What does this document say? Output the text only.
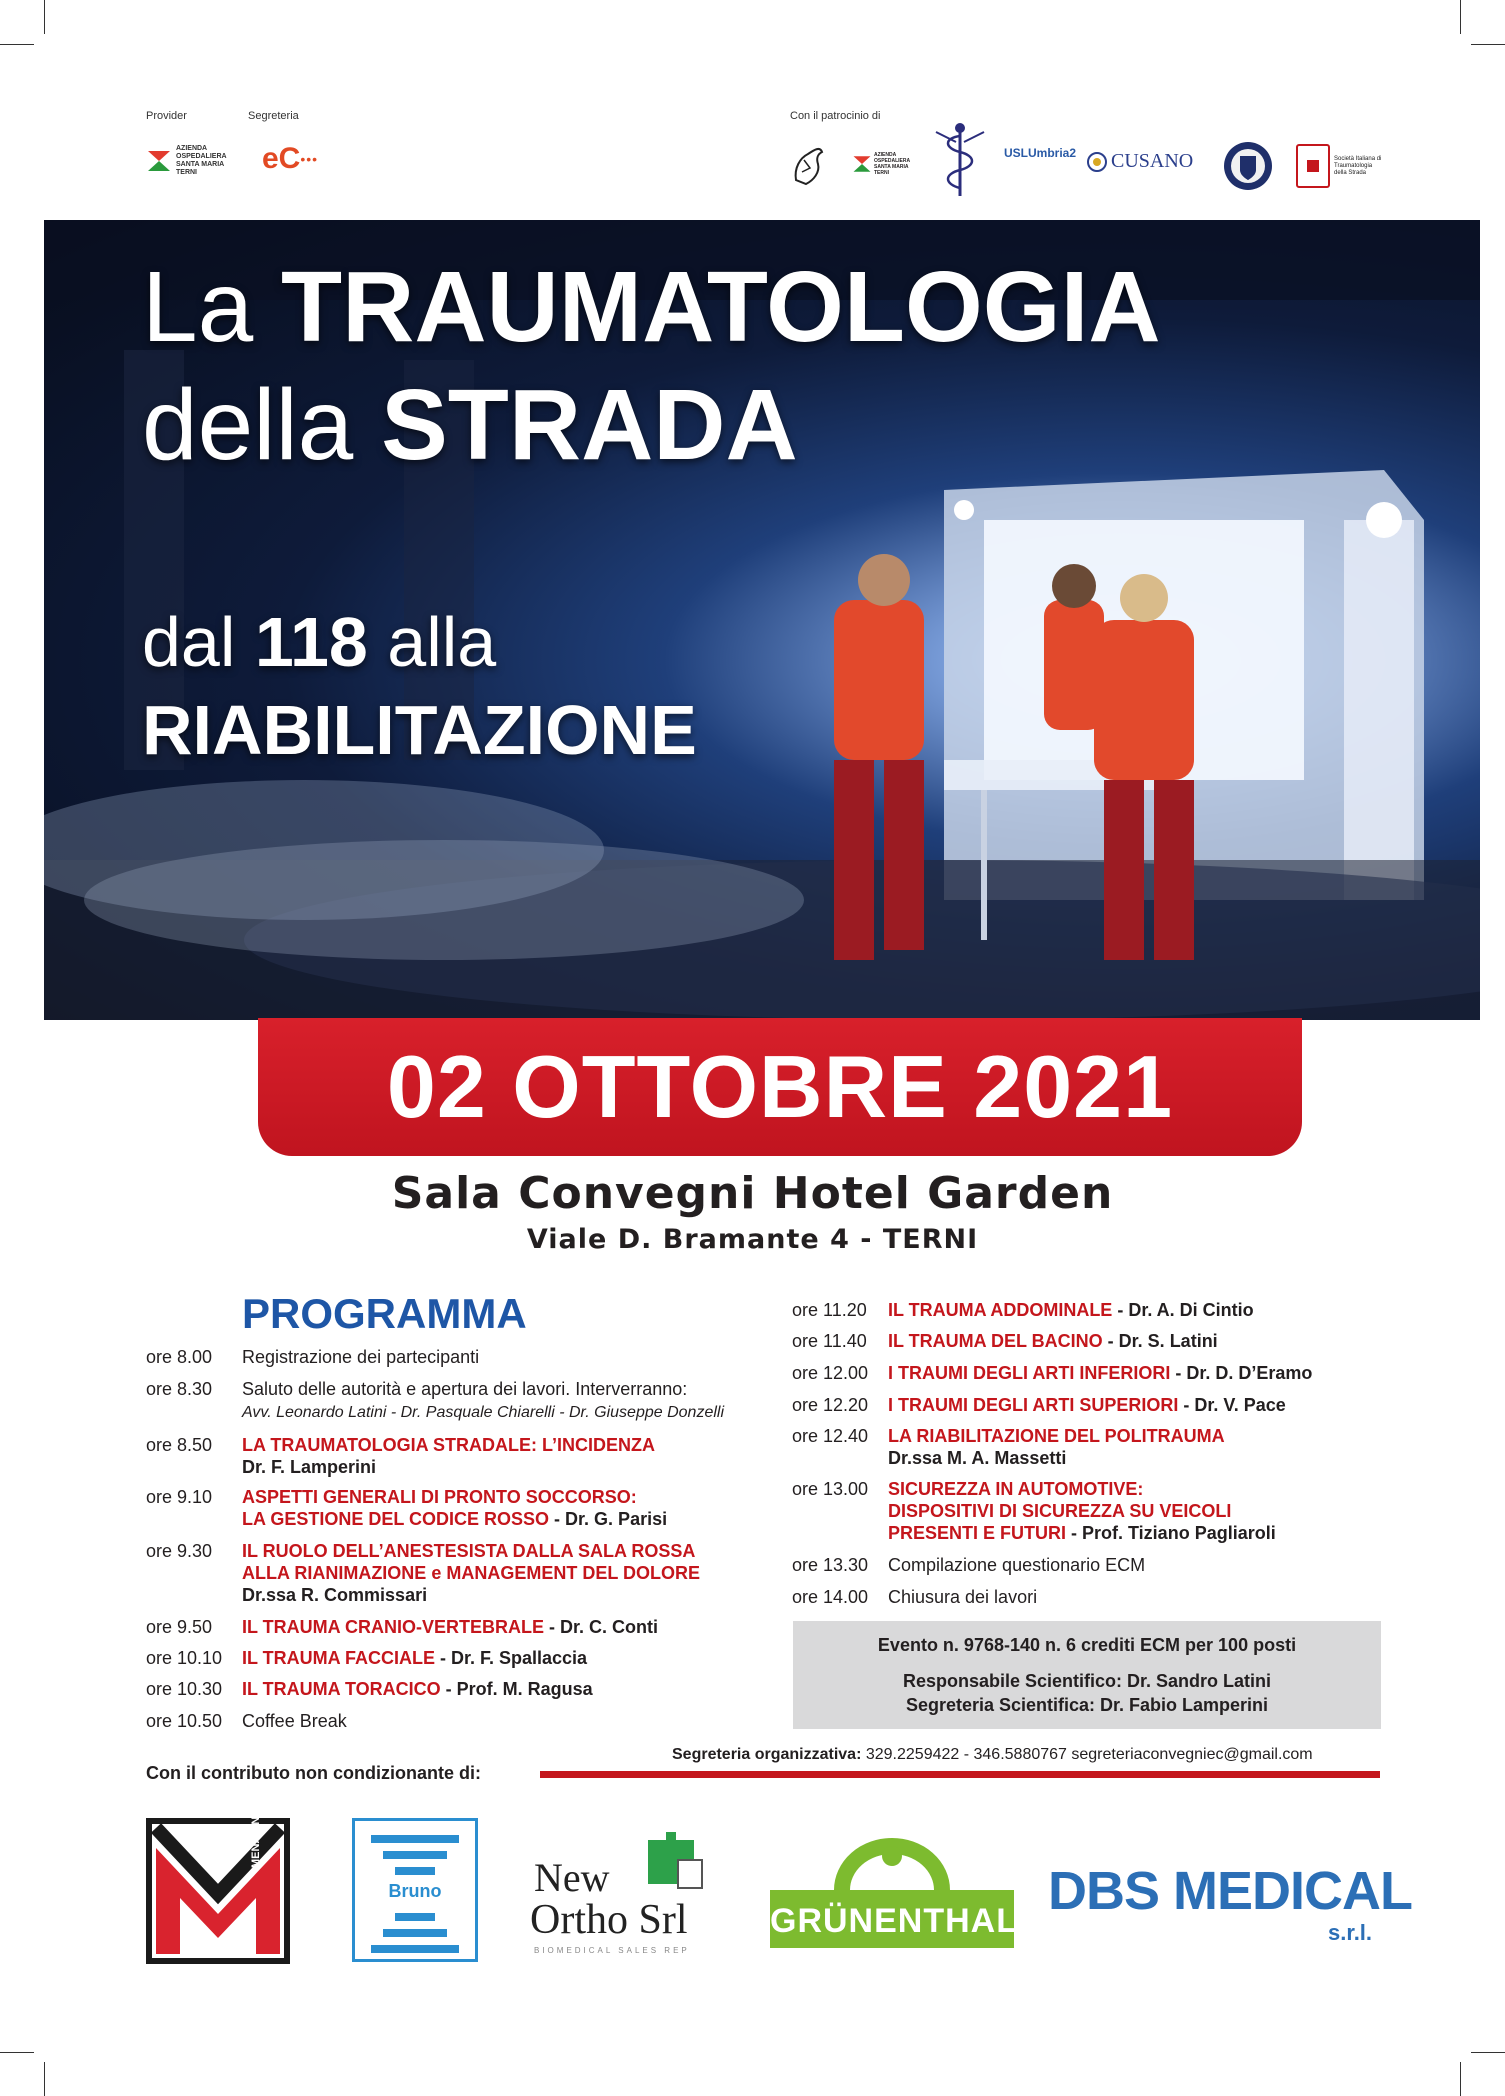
Provider	Segreteria	Con il patrocinio di
AZIENDA
OSPEDALIERA
SANTA MARIA
TERNI	eC •••	AZIENDA OSPEDALIERA SANTA MARIA TERNI
USLUmbria2 CUSANO	Società Italiana di Traumatologia della Strada
La TRAUMATOLOGIA
della STRADA
dal 118 alla
RIABILITAZIONE
02 OTTOBRE 2021
Sala Convegni Hotel Garden
Viale D. Bramante 4 - TERNI
PROGRAMMA
ore 8.00	Registrazione dei partecipanti
ore 8.30	Saluto delle autorità e apertura dei lavori. Interverranno:
Avv. Leonardo Latini - Dr. Pasquale Chiarelli - Dr. Giuseppe Donzelli
ore 8.50	LA TRAUMATOLOGIA STRADALE: L’INCIDENZA
Dr. F. Lamperini
ore 9.10	ASPETTI GENERALI DI PRONTO SOCCORSO:
LA GESTIONE DEL CODICE ROSSO - Dr. G. Parisi
ore 9.30	IL RUOLO DELL’ANESTESISTA DALLA SALA ROSSA
ALLA RIANIMAZIONE e MANAGEMENT DEL DOLORE
Dr.ssa R. Commissari
ore 9.50	IL TRAUMA CRANIO-VERTEBRALE - Dr. C. Conti
ore 10.10	IL TRAUMA FACCIALE - Dr. F. Spallaccia
ore 10.30	IL TRAUMA TORACICO - Prof. M. Ragusa
ore 10.50	Coffee Break
ore 11.20	IL TRAUMA ADDOMINALE - Dr. A. Di Cintio
ore 11.40	IL TRAUMA DEL BACINO - Dr. S. Latini
ore 12.00	I TRAUMI DEGLI ARTI INFERIORI - Dr. D. D’Eramo
ore 12.20	I TRAUMI DEGLI ARTI SUPERIORI - Dr. V. Pace
ore 12.40	LA RIABILITAZIONE DEL POLITRAUMA
Dr.ssa M. A. Massetti
ore 13.00	SICUREZZA IN AUTOMOTIVE:
DISPOSITIVI DI SICUREZZA SU VEICOLI
PRESENTI E FUTURI - Prof. Tiziano Pagliaroli
ore 13.30	Compilazione questionario ECM
ore 14.00	Chiusura dei lavori
Evento n. 9768-140 n. 6 crediti ECM per 100 posti
Responsabile Scientifico: Dr. Sandro Latini
Segreteria Scientifica: Dr. Fabio Lamperini
Segreteria organizzativa: 329.2259422 - 346.5880767 segreteriaconvegniec@gmail.com
Con il contributo non condizionante di:
MENARINI
Bruno	New
Ortho Srl
BIOMEDICAL SALES REP
GRÜNENTHAL DBS MEDICAL
s.r.l.
